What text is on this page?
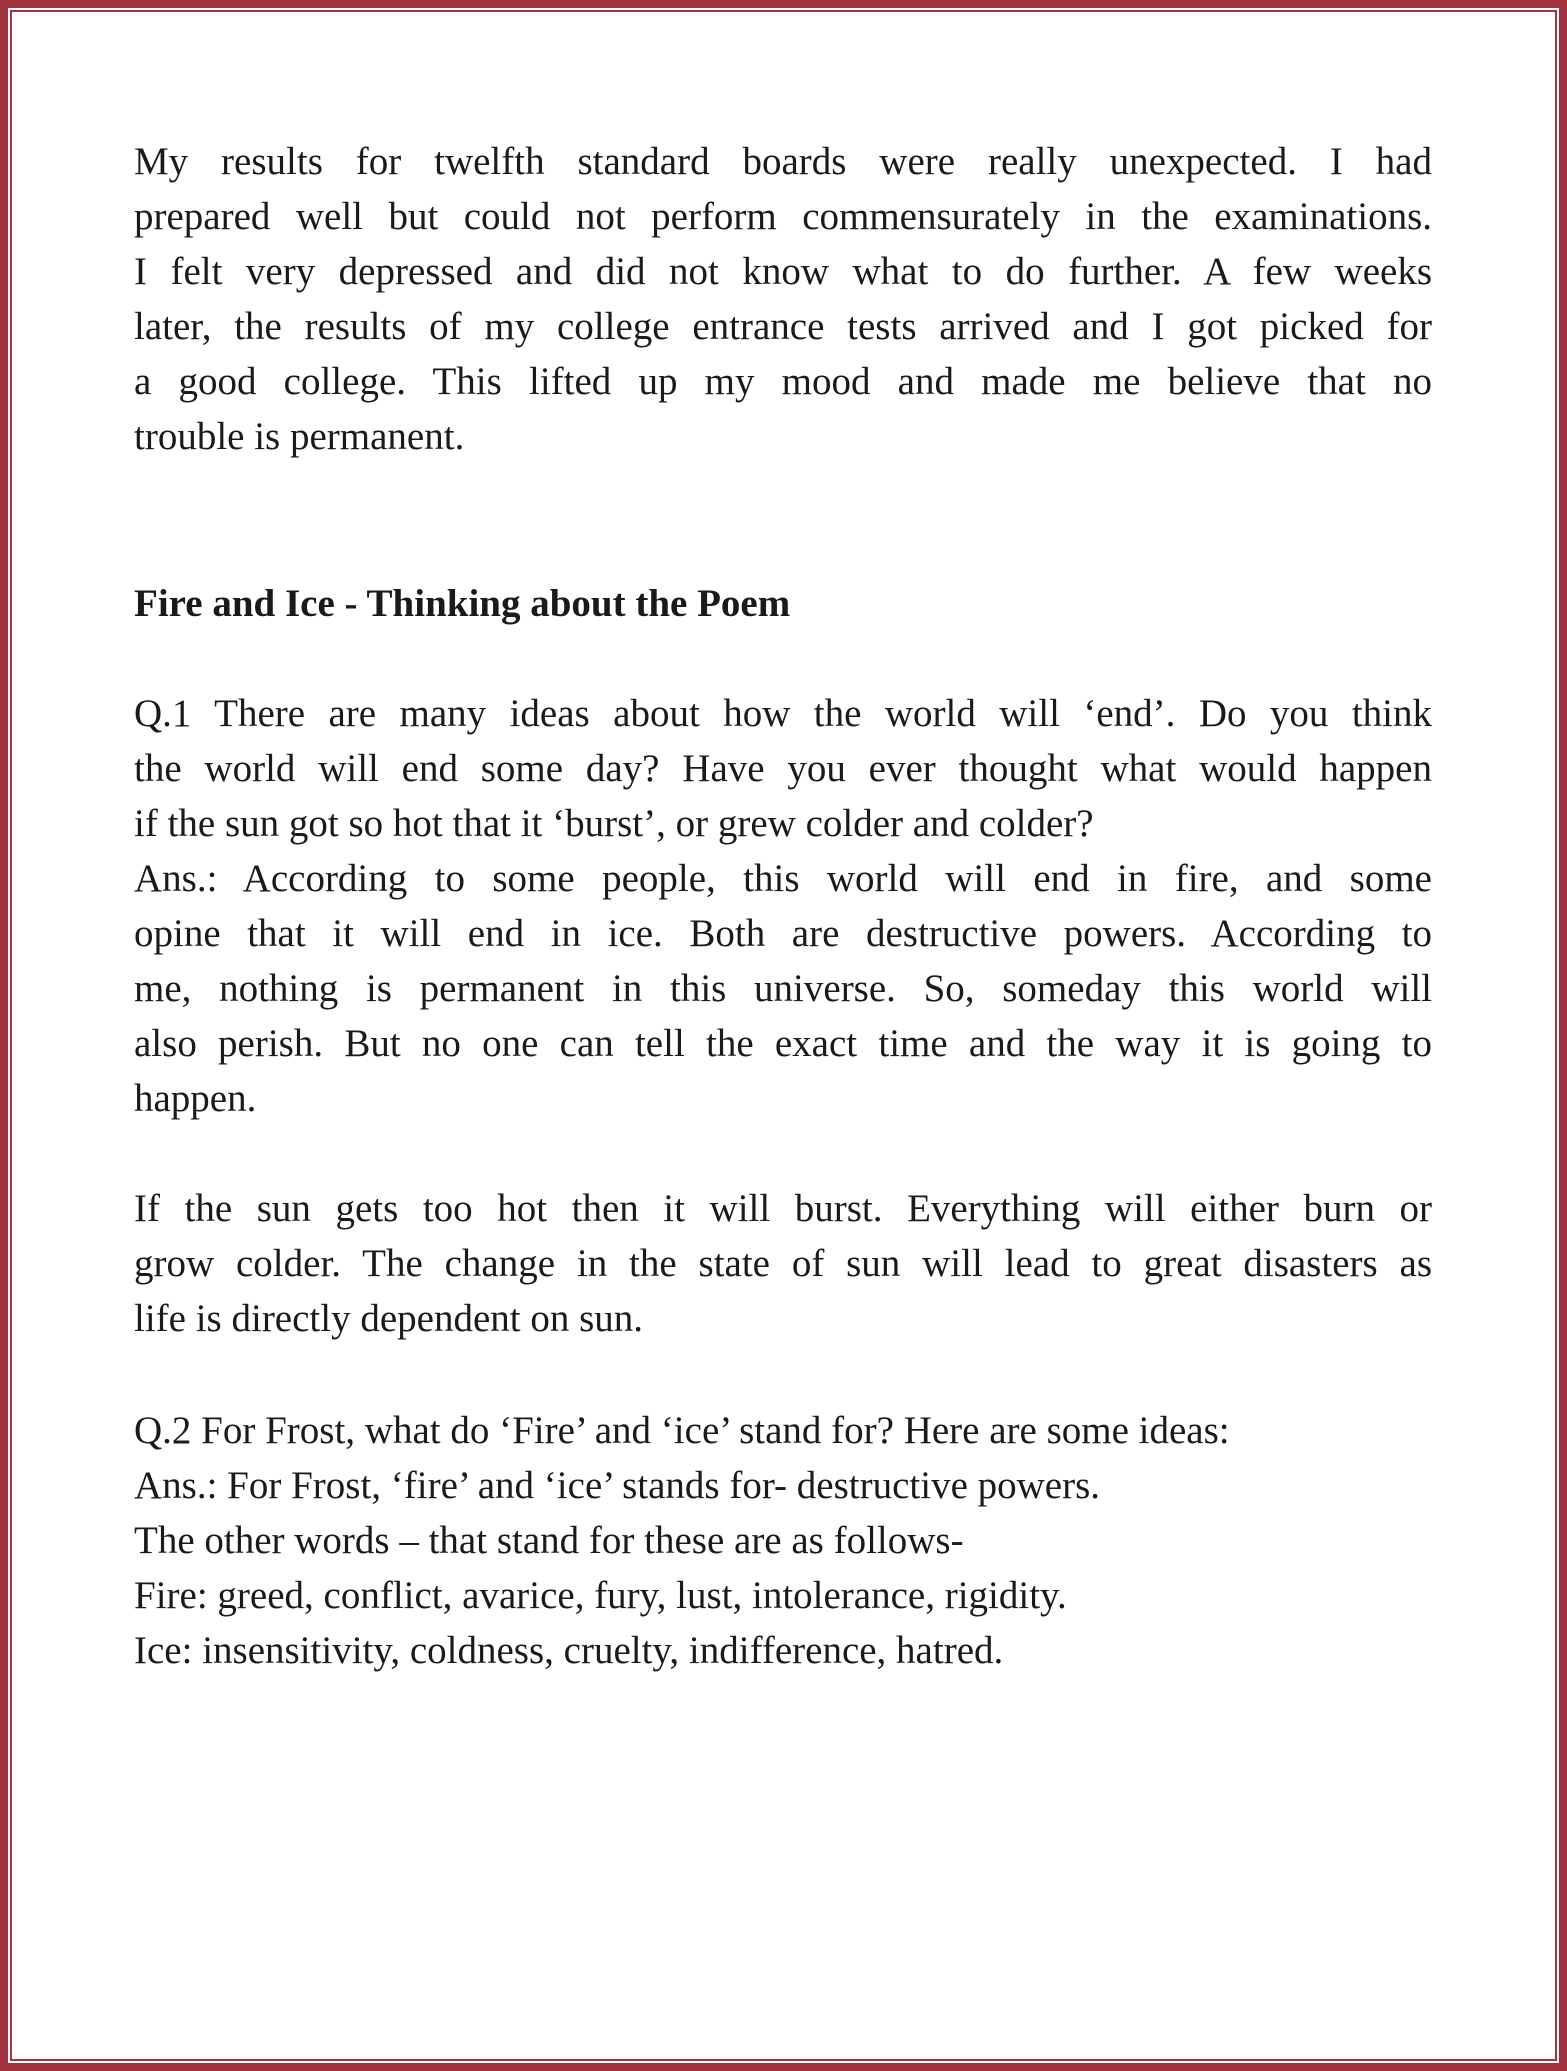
My results for twelfth standard boards were really unexpected. I had
prepared well but could not perform commensurately in the examinations.
I felt very depressed and did not know what to do further. A few weeks
later, the results of my college entrance tests arrived and I got picked for
a good college. This lifted up my mood and made me believe that no
trouble is permanent.
Fire and Ice - Thinking about the Poem
Q.1 There are many ideas about how the world will ‘end’. Do you think
the world will end some day? Have you ever thought what would happen
if the sun got so hot that it ‘burst’, or grew colder and colder?
Ans.: According to some people, this world will end in fire, and some
opine that it will end in ice. Both are destructive powers. According to
me, nothing is permanent in this universe. So, someday this world will
also perish. But no one can tell the exact time and the way it is going to
happen.
If the sun gets too hot then it will burst. Everything will either burn or
grow colder. The change in the state of sun will lead to great disasters as
life is directly dependent on sun.
Q.2 For Frost, what do ‘Fire’ and ‘ice’ stand for? Here are some ideas:
Ans.: For Frost, ‘fire’ and ‘ice’ stands for- destructive powers.
The other words – that stand for these are as follows-
Fire: greed, conflict, avarice, fury, lust, intolerance, rigidity.
Ice: insensitivity, coldness, cruelty, indifference, hatred.
